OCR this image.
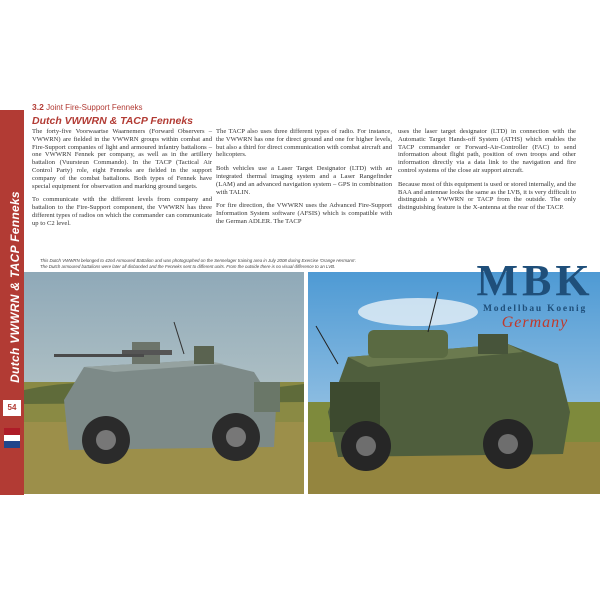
Dutch VWWRN & TACP Fenneks
54
3.2 Joint Fire-Support Fenneks
Dutch VWWRN & TACP Fenneks

The forty-five Voorwaartse Waarnemers (Forward Observers – VWWRN) are fielded in the VWWRN groups within combat and Fire-Support companies of light and armoured infantry battalions – one VWWRN Fennek per company, as well as in the artillery battalion (Vuursteun Commando). In the TACP (Tactical Air Control Party) role, eight Fenneks are fielded in the support company of the combat battalions. Both types of Fennek have special equipment for observation and marking ground targets.

To communicate with the different levels from company and battalion to the Fire-Support component, the VWWRN has three different types of radios on which the commander can communicate up to C2 level.

The TACP also uses three different types of radio. For instance, the VWWRN has one for direct ground and one for higher levels, but also a third for direct communication with combat aircraft and helicopters.

Both vehicles use a Laser Target Designator (LTD) with an integrated thermal imaging system and a Laser Rangefinder (LAM) and an advanced navigation system – GPS in combination with TALIN.

For fire direction, the VWWRN uses the Advanced Fire-Support Information System software (AFSIS) which is compatible with the German ADLER. The TACP

uses the laser target designator (LTD) in connection with the Automatic Target Hands-off System (ATHS) which enables the TACP commander or Forward-Air-Controller (FAC) to send information about flight path, position of own troops and other information directly via a data link to the navigation and fire control systems of the close air support aircraft.

Because most of this equipment is used or stored internally, and the BAA and antennae looks the same as the LVB, it is very difficult to distinguish a VWWRN or TACP from the outside. The only distinguishing feature is the X-antenna at the rear of the TACP.

This Dutch VWWRN belonged to 42nd Armoured Battalion and was photographed on the Sennelager training area in July 2008 during Exercise 'Orange Hermann'.
The Dutch armoured battalions were later all disbanded and the Fenneks sent to different units. From the outside there is no visual difference to an LVB.	MBK
Modellbau Koenig
Germany
